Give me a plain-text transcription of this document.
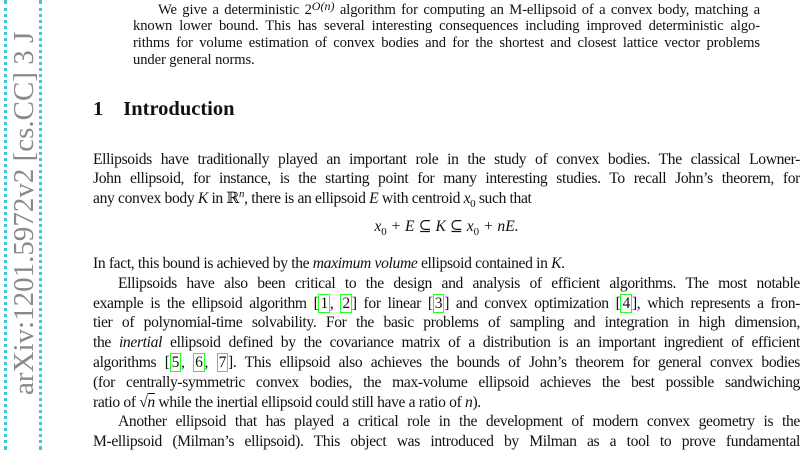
arXiv:1201.5972v2 [cs.CC] 3 J
We give a deterministic $2^{O(n)}$ algorithm for computing an M-ellipsoid of a convex body, matching a
known lower bound. This has several interesting consequences including improved deterministic algo-
rithms for volume estimation of convex bodies and for the shortest and closest lattice vector problems
under general norms.
1 Introduction
Ellipsoids have traditionally played an important role in the study of convex bodies. The classical Lowner-
John ellipsoid, for instance, is the starting point for many interesting studies. To recall John’s theorem, for
any convex body K in ℝ$^n$, there is an ellipsoid E with centroid $x_0$ such that
$x_0 + E$ ⊆ K ⊆ $x_0$ + nE.
In fact, this bound is achieved by the maximum volume ellipsoid contained in K.
Ellipsoids have also been critical to the design and analysis of efficient algorithms. The most notable
example is the ellipsoid algorithm [ 1 , 2 ] for linear [ 3 ] and convex optimization [ 4 ], which represents a fron-
tier of polynomial-time solvability. For the basic problems of sampling and integration in high dimension,
the inertial ellipsoid defined by the covariance matrix of a distribution is an important ingredient of efficient
algorithms [ 5 , 6 , 7 ]. This ellipsoid also achieves the bounds of John’s theorem for general convex bodies
(for centrally-symmetric convex bodies, the max-volume ellipsoid achieves the best possible sandwiching
ratio of √n while the inertial ellipsoid could still have a ratio of n).
Another ellipsoid that has played a critical role in the development of modern convex geometry is the
M-ellipsoid (Milman’s ellipsoid). This object was introduced by Milman as a tool to prove fundamental
